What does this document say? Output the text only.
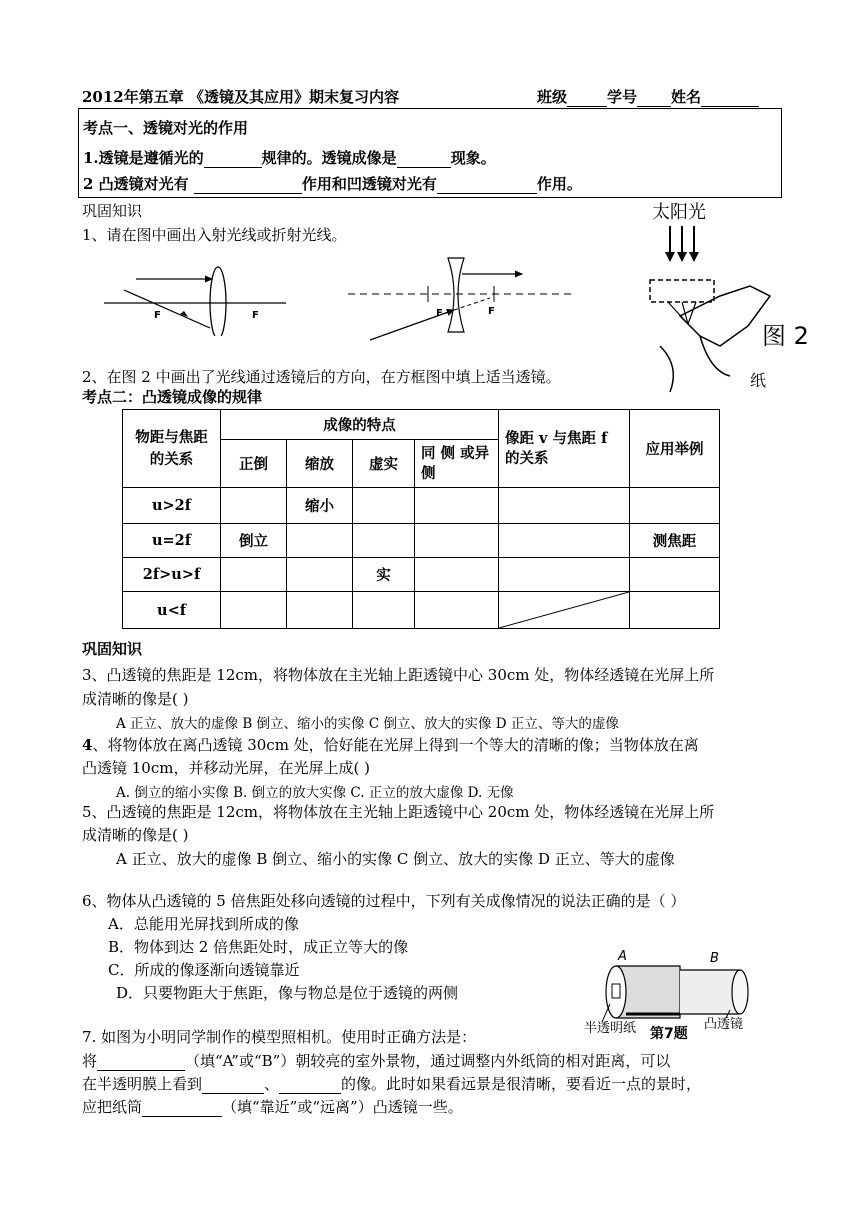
2012年第五章 《透镜及其应用》期末复习内容	班级	学号 姓名
考点一、透镜对光的作用
1.透镜是遵循光的	规律的。透镜成像是	现象。
2 凸透镜对光有	作用和凹透镜对光有	作用。
巩固知识
1、请在图中画出入射光线或折射光线。
F	F	F	F
太阳光
图 2
纸
2、在图 2 中画出了光线通过透镜后的方向，在方框图中填上适当透镜。
考点二：凸透镜成像的规律
物距与焦距的关系	成像的特点				像距 v 与焦距 f 的关系	应用举例
	正倒	缩放	虚实	同 侧 或异侧		
u>2f		缩小				
u=2f	倒立					测焦距
2f>u>f			实			
u<f					

巩固知识
3、凸透镜的焦距是 12cm，将物体放在主光轴上距透镜中心 30cm 处，物体经透镜在光屏上所
成清晰的像是( )
A 正立、放大的虚像 B 倒立、缩小的实像 C 倒立、放大的实像 D 正立、等大的虚像
4、将物体放在离凸透镜 30cm 处，恰好能在光屏上得到一个等大的清晰的像；当物体放在离
凸透镜 10cm，并移动光屏，在光屏上成( )
A. 倒立的缩小实像 B. 倒立的放大实像 C. 正立的放大虚像 D. 无像
5、凸透镜的焦距是 12cm，将物体放在主光轴上距透镜中心 20cm 处，物体经透镜在光屏上所
成清晰的像是( )
A 正立、放大的虚像 B 倒立、缩小的实像 C 倒立、放大的实像 D 正立、等大的虚像
6、物体从凸透镜的 5 倍焦距处移向透镜的过程中，下列有关成像情况的说法正确的是（ ）
A．总能用光屏找到所成的像
B．物体到达 2 倍焦距处时，成正立等大的像
C．所成的像逐渐向透镜靠近
D．只要物距大于焦距，像与物总是位于透镜的两侧
A	B
半透明纸	凸透镜
第7题
7. 如图为小明同学制作的模型照相机。使用时正确方法是：
将	（填“A”或“B”）朝较亮的室外景物，通过调整内外纸筒的相对距离，可以
在半透明膜上看到	、	的像。此时如果看远景是很清晰，要看近一点的景时，
应把纸筒	（填“靠近”或“远离”）凸透镜一些。
